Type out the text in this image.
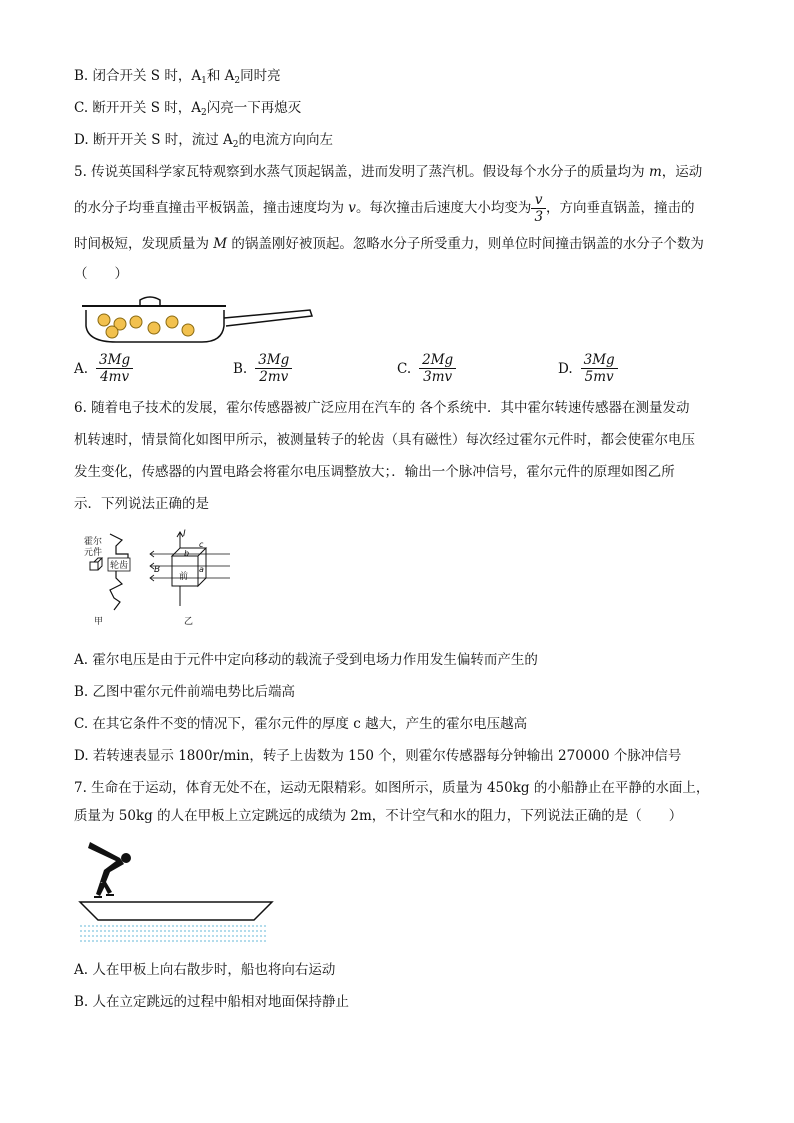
B. 闭合开关 S 时，$A_1$和 $A_2$同时亮
C. 断开开关 S 时，$A_2$闪亮一下再熄灭
D. 断开开关 S 时，流过 $A_2$的电流方向向左
5. 传说英国科学家瓦特观察到水蒸气顶起锅盖，进而发明了蒸汽机。假设每个水分子的质量均为 m，运动
的水分子均垂直撞击平板锅盖，撞击速度均为 v。每次撞击后速度大小均变为 $\frac{v}{3}$ ，方向垂直锅盖，撞击的
时间极短，发现质量为 M 的锅盖刚好被顶起。忽略水分子所受重力，则单位时间撞击锅盖的水分子个数为
（　　）
A. $\frac{3Mg}{4mv}$	B. $\frac{3Mg}{2mv}$	C. $\frac{2Mg}{3mv}$	D. $\frac{3Mg}{5mv}$
6. 随着电子技术的发展，霍尔传感器被广泛应用在汽车的 各个系统中．其中霍尔转速传感器在测量发动
机转速时，情景简化如图甲所示，被测量转子的轮齿（具有磁性）每次经过霍尔元件时，都会使霍尔电压
发生变化，传感器的内置电路会将霍尔电压调整放大；．输出一个脉冲信号，霍尔元件的原理如图乙所
示．下列说法正确的是
霍尔
元件
轮齿
甲
I
B
b
c
a
前
乙
A. 霍尔电压是由于元件中定向移动的载流子受到电场力作用发生偏转而产生的
B. 乙图中霍尔元件前端电势比后端高
C. 在其它条件不变的情况下，霍尔元件的厚度 c 越大，产生的霍尔电压越高
D. 若转速表显示 1800r/min，转子上齿数为 150 个，则霍尔传感器每分钟输出 270000 个脉冲信号
7. 生命在于运动，体育无处不在，运动无限精彩。如图所示，质量为 450kg 的小船静止在平静的水面上，
质量为 50kg 的人在甲板上立定跳远的成绩为 2m，不计空气和水的阻力，下列说法正确的是（　　）
A. 人在甲板上向右散步时，船也将向右运动
B. 人在立定跳远的过程中船相对地面保持静止
